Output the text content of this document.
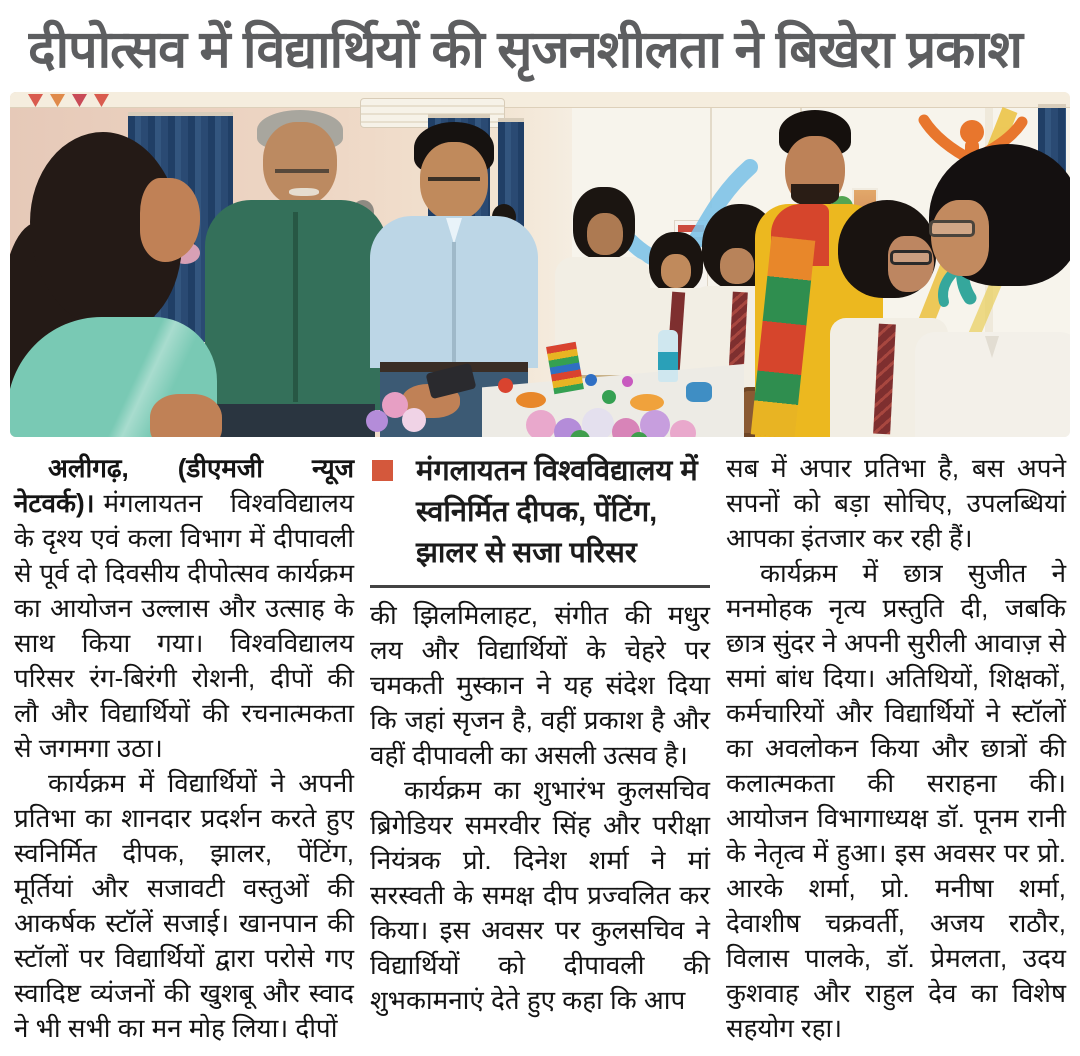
दीपोत्सव में विद्यार्थियों की सृजनशीलता ने बिखेरा प्रकाश

अलीगढ़, (डीएमजी न्यूज नेटवर्क)। मंगलायतन विश्वविद्यालय के दृश्य एवं कला विभाग में दीपावली से पूर्व दो दिवसीय दीपोत्सव कार्यक्रम का आयोजन उल्लास और उत्साह के साथ किया गया। विश्वविद्यालय परिसर रंग-बिरंगी रोशनी, दीपों की लौ और विद्यार्थियों की रचनात्मकता से जगमगा उठा।

कार्यक्रम में विद्यार्थियों ने अपनी प्रतिभा का शानदार प्रदर्शन करते हुए स्वनिर्मित दीपक, झालर, पेंटिंग, मूर्तियां और सजावटी वस्तुओं की आकर्षक स्टॉलें सजाई। खानपान की स्टॉलों पर विद्यार्थियों द्वारा परोसे गए स्वादिष्ट व्यंजनों की खुशबू और स्वाद ने भी सभी का मन मोह लिया। दीपों

मंगलायतन विश्वविद्यालय में स्वनिर्मित दीपक, पेंटिंग, झालर से सजा परिसर

की झिलमिलाहट, संगीत की मधुर लय और विद्यार्थियों के चेहरे पर चमकती मुस्कान ने यह संदेश दिया कि जहां सृजन है, वहीं प्रकाश है और वहीं दीपावली का असली उत्सव है।

कार्यक्रम का शुभारंभ कुलसचिव ब्रिगेडियर समरवीर सिंह और परीक्षा नियंत्रक प्रो. दिनेश शर्मा ने मां सरस्वती के समक्ष दीप प्रज्वलित कर किया। इस अवसर पर कुलसचिव ने विद्यार्थियों को दीपावली की शुभकामनाएं देते हुए कहा कि आप

सब में अपार प्रतिभा है, बस अपने सपनों को बड़ा सोचिए, उपलब्धियां आपका इंतजार कर रही हैं।

कार्यक्रम में छात्र सुजीत ने मनमोहक नृत्य प्रस्तुति दी, जबकि छात्र सुंदर ने अपनी सुरीली आवाज़ से समां बांध दिया। अतिथियों, शिक्षकों, कर्मचारियों और विद्यार्थियों ने स्टॉलों का अवलोकन किया और छात्रों की कलात्मकता की सराहना की। आयोजन विभागाध्यक्ष डॉ. पूनम रानी के नेतृत्व में हुआ। इस अवसर पर प्रो. आरके शर्मा, प्रो. मनीषा शर्मा, देवाशीष चक्रवर्ती, अजय राठौर, विलास पालके, डॉ. प्रेमलता, उदय कुशवाह और राहुल देव का विशेष सहयोग रहा।
